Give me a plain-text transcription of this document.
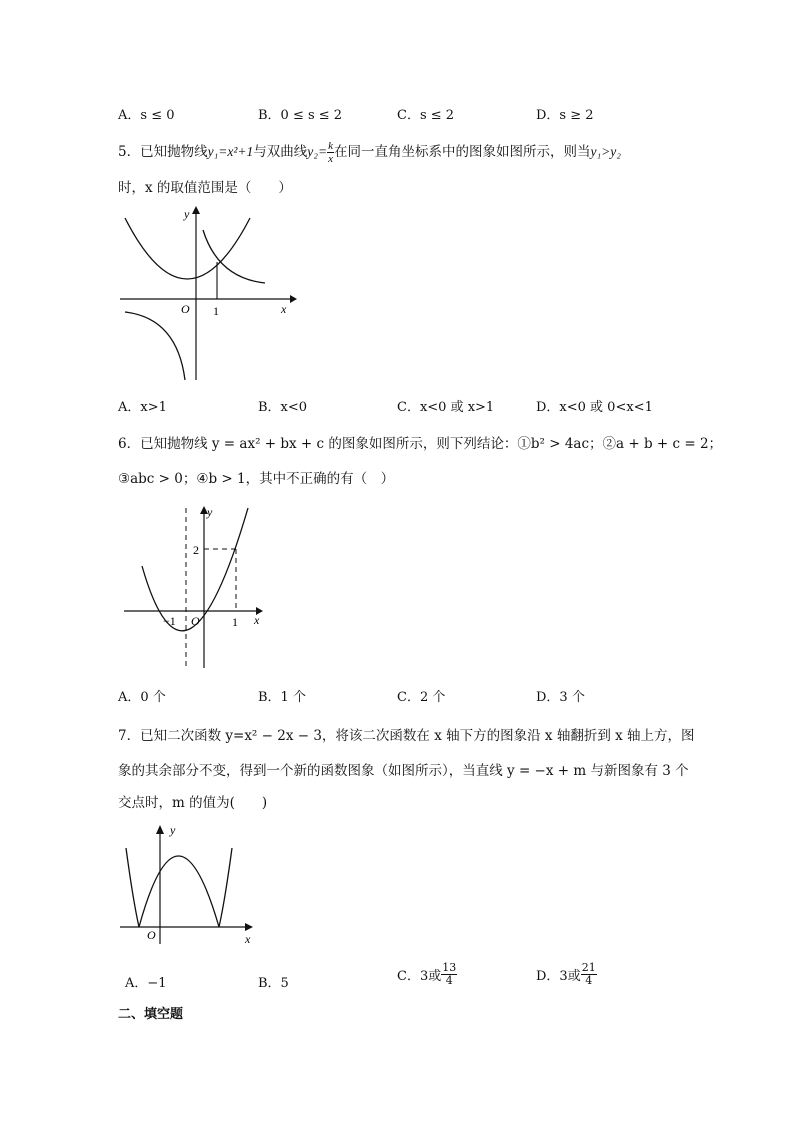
A．s ≤ 0	B．0 ≤ s ≤ 2	C．s ≤ 2	D．s ≥ 2
5．已知抛物线y₁=x²+1与双曲线$y_2= \frac{k}{x}$ 在同一直角坐标系中的图象如图所示，则当y₁>y₂
时，x 的取值范围是（　　）
y
x
O 1
A．x>1	B．x<0	C．x<0 或 x>1	D．x<0 或 0<x<1
6．已知抛物线 y = ax² + bx + c 的图象如图所示，则下列结论：①b² > 4ac；②a + b + c = 2；
③abc > 0；④b > 1，其中不正确的有（　）
y
x
O
−1	1
2
A．0 个	B．1 个	C．2 个	D．3 个
7．已知二次函数 y=x² − 2x − 3，将该二次函数在 x 轴下方的图象沿 x 轴翻折到 x 轴上方，图
象的其余部分不变，得到一个新的函数图象（如图所示），当直线 y = −x + m 与新图象有 3 个
交点时，m 的值为(　　)
y
x
O
A．−1	B．5	C．3或 $\frac{13}{4}$	D．3或 $\frac{21}{4}$
二、填空题
